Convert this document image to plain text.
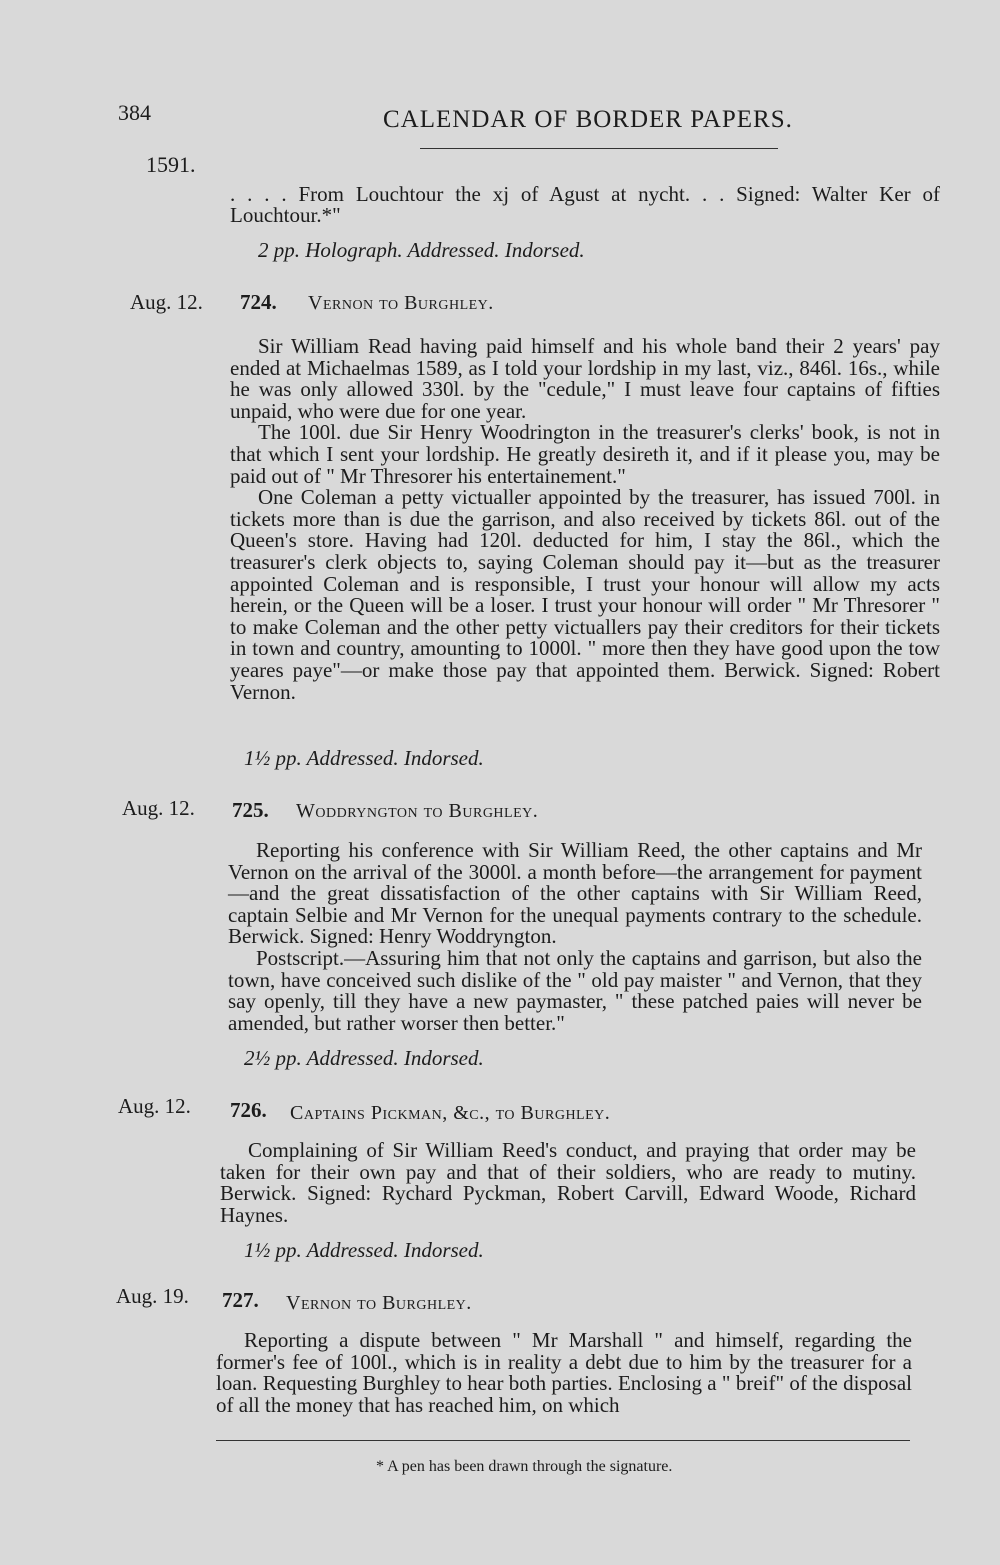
384	CALENDAR OF BORDER PAPERS.
1591.

. . . . From Louchtour the xj of Agust at nycht. . . Signed: Walter Ker of Louchtour.*"

2 pp. Holograph. Addressed. Indorsed.
Aug. 12. 724. Vernon to Burghley.

Sir William Read having paid himself and his whole band their 2 years' pay ended at Michaelmas 1589, as I told your lordship in my last, viz., 846l. 16s., while he was only allowed 330l. by the "cedule," I must leave four captains of fifties unpaid, who were due for one year.

The 100l. due Sir Henry Woodrington in the treasurer's clerks' book, is not in that which I sent your lordship. He greatly desireth it, and if it please you, may be paid out of " Mr Thresorer his entertainement."

One Coleman a petty victualler appointed by the treasurer, has issued 700l. in tickets more than is due the garrison, and also received by tickets 86l. out of the Queen's store. Having had 120l. deducted for him, I stay the 86l., which the treasurer's clerk objects to, saying Coleman should pay it—but as the treasurer appointed Coleman and is responsible, I trust your honour will allow my acts herein, or the Queen will be a loser. I trust your honour will order " Mr Thresorer " to make Coleman and the other petty victuallers pay their creditors for their tickets in town and country, amounting to 1000l. " more then they have good upon the tow yeares paye"—or make those pay that appointed them. Berwick. Signed: Robert Vernon.

1½ pp. Addressed. Indorsed.
Aug. 12. 725. Woddryngton to Burghley.

Reporting his conference with Sir William Reed, the other captains and Mr Vernon on the arrival of the 3000l. a month before—the arrangement for payment—and the great dissatisfaction of the other captains with Sir William Reed, captain Selbie and Mr Vernon for the unequal payments contrary to the schedule. Berwick. Signed: Henry Woddryngton.

Postscript.—Assuring him that not only the captains and garrison, but also the town, have conceived such dislike of the " old pay maister " and Vernon, that they say openly, till they have a new paymaster, " these patched paies will never be amended, but rather worser then better."

2½ pp. Addressed. Indorsed.
Aug. 12. 726. Captains Pickman, &c., to Burghley.

Complaining of Sir William Reed's conduct, and praying that order may be taken for their own pay and that of their soldiers, who are ready to mutiny. Berwick. Signed: Rychard Pyckman, Robert Carvill, Edward Woode, Richard Haynes.

1½ pp. Addressed. Indorsed.
Aug. 19. 727. Vernon to Burghley.

Reporting a dispute between " Mr Marshall " and himself, regarding the former's fee of 100l., which is in reality a debt due to him by the treasurer for a loan. Requesting Burghley to hear both parties. Enclosing a " breif" of the disposal of all the money that has reached him, on which

* A pen has been drawn through the signature.
